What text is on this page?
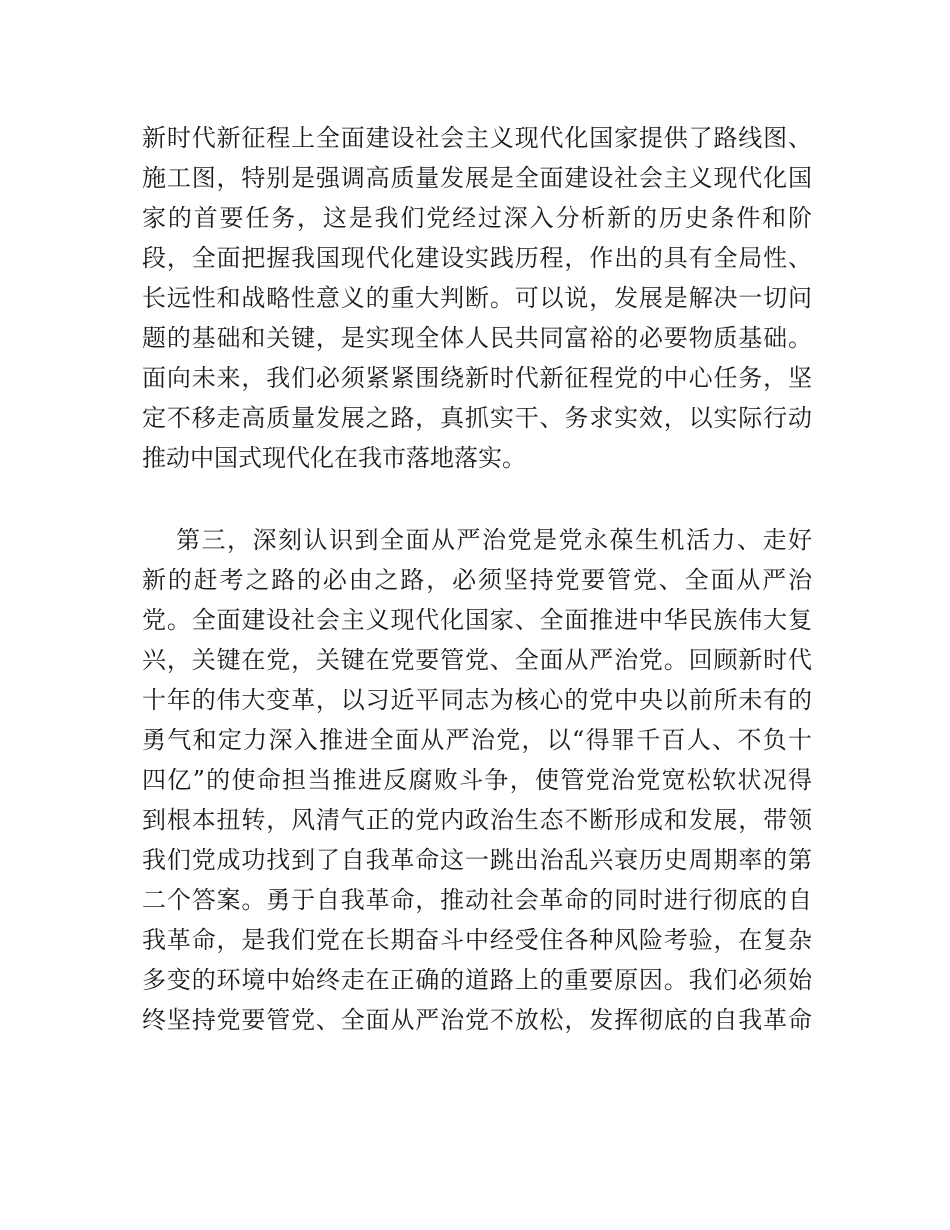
新时代新征程上全面建设社会主义现代化国家提供了路线图、
施工图，特别是强调高质量发展是全面建设社会主义现代化国
家的首要任务，这是我们党经过深入分析新的历史条件和阶
段，全面把握我国现代化建设实践历程，作出的具有全局性、
长远性和战略性意义的重大判断。可以说，发展是解决一切问
题的基础和关键，是实现全体人民共同富裕的必要物质基础。
面向未来，我们必须紧紧围绕新时代新征程党的中心任务，坚
定不移走高质量发展之路，真抓实干、务求实效，以实际行动
推动中国式现代化在我市落地落实。
第三，深刻认识到全面从严治党是党永葆生机活力、走好
新的赶考之路的必由之路，必须坚持党要管党、全面从严治
党。全面建设社会主义现代化国家、全面推进中华民族伟大复
兴，关键在党，关键在党要管党、全面从严治党。回顾新时代
十年的伟大变革，以习近平同志为核心的党中央以前所未有的
勇气和定力深入推进全面从严治党，以“得罪千百人、不负十
四亿”的使命担当推进反腐败斗争，使管党治党宽松软状况得
到根本扭转，风清气正的党内政治生态不断形成和发展，带领
我们党成功找到了自我革命这一跳出治乱兴衰历史周期率的第
二个答案。勇于自我革命，推动社会革命的同时进行彻底的自
我革命，是我们党在长期奋斗中经受住各种风险考验，在复杂
多变的环境中始终走在正确的道路上的重要原因。我们必须始
终坚持党要管党、全面从严治党不放松，发挥彻底的自我革命
